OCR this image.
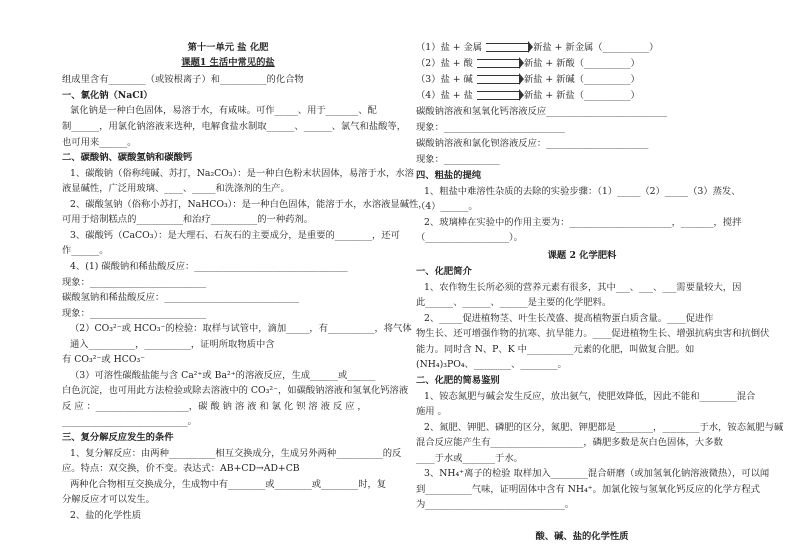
第十一单元 盐 化肥
课题1 生活中常见的盐
组成里含有________（或铵根离子）和__________的化合物
一、氯化钠（NaCl）
氯化钠是一种白色固体，易溶于水，有咸味。可作_____、用于_______、配
制______，用氯化钠溶液来选种，电解食盐水制取______、______、氯气和盐酸等，
也可用来______。
二、碳酸钠、碳酸氢钠和碳酸钙
1、碳酸钠（俗称纯碱、苏打，Na₂CO₃）：是一种白色粉末状固体，易溶于水，水溶
液显碱性，广泛用玻璃、____、_____和洗涤剂的生产。
2、碳酸氢钠（俗称小苏打，NaHCO₃）：是一种白色固体，能溶于水，水溶液显碱性，
可用于焙制糕点的__________和治疗__________的一种药剂。
3、碳酸钙（CaCO₃）：是大理石、石灰石的主要成分，是重要的________，还可
作______。
4、(1) 碳酸钠和稀盐酸反应：_________________________________
现象：_________________________
碳酸氢钠和稀盐酸反应：_____________________________
现象：_________________________
（2）CO₃²⁻或 HCO₃⁻的检验：取样与试管中，滴加_____，有__________，将气体
通入__________，__________，证明所取物质中含
有 CO₃²⁻或 HCO₃⁻
（3）可溶性碳酸盐能与含 Ca²⁺或 Ba²⁺的溶液反应，生成______或______
白色沉淀，也可用此方法检验或除去溶液中的 CO₃²⁻，如碳酸钠溶液和氢氧化钙溶液
反 应 ：____________________，碳 酸 钠 溶 液 和 氯 化 钡 溶 液 反 应 ，
___________________________。
三、复分解反应发生的条件
1、复分解反应：由两种__________相互交换成分，生成另外两种__________的反
应。特点：双交换，价不变。表达式：AB+CD→AD+CB
两种化合物相互交换成分，生成物中有________或________或________时，复
分解反应才可以发生。
2、盐的化学性质
（1）盐 + 金属	新盐 + 新金属（__________）
（2）盐 + 酸	新盐 + 新酸（__________）
（3）盐 + 碱	新盐 + 新碱（__________）
（4）盐 + 盐	新盐 + 新盐（__________）
碳酸钠溶液和氢氧化钙溶液反应__________________________
现象：__________________________
碳酸钠溶液和氯化钡溶液反应：______________________
现象：____________
四、粗盐的提纯
1、粗盐中难溶性杂质的去除的实验步骤：（1）_____（2）_____（3）蒸发、
（4）______。
2、玻璃棒在实验中的作用主要为：______________________，_______，搅拌
（__________________）。
课题 2 化学肥料
一、化肥简介
1、农作物生长所必须的营养元素有很多，其中___、___、___需要量较大，因
此______、______、______是主要的化学肥料。
2、_____促进植物茎、叶生长茂盛、提高植物蛋白质含量。____促进作
物生长、还可增强作物的抗寒、抗旱能力。____促进植物生长、增强抗病虫害和抗倒伏
能力。同时含 N、P、K 中__________元素的化肥，叫做复合肥。如
(NH₄)₃PO₄、________、________。
二、化肥的简易鉴别
1、铵态氮肥与碱会发生反应，放出氨气，使肥效降低，因此不能和________混合
施用 。
2、氮肥、钾肥、磷肥的区分，氮肥、钾肥都是________，________于水，铵态氮肥与碱
混合反应能产生有____________________，磷肥多数是灰白色固体，大多数
____于水或_______于水。
3、NH₄⁺离子的检验 取样加入________混合研磨（或加氢氧化钠溶液微热），可以闻
到__________气味，证明固体中含有 NH₄⁺。加氯化铵与氢氧化钙反应的化学方程式
为______________________________。
酸、碱、盐的化学性质
